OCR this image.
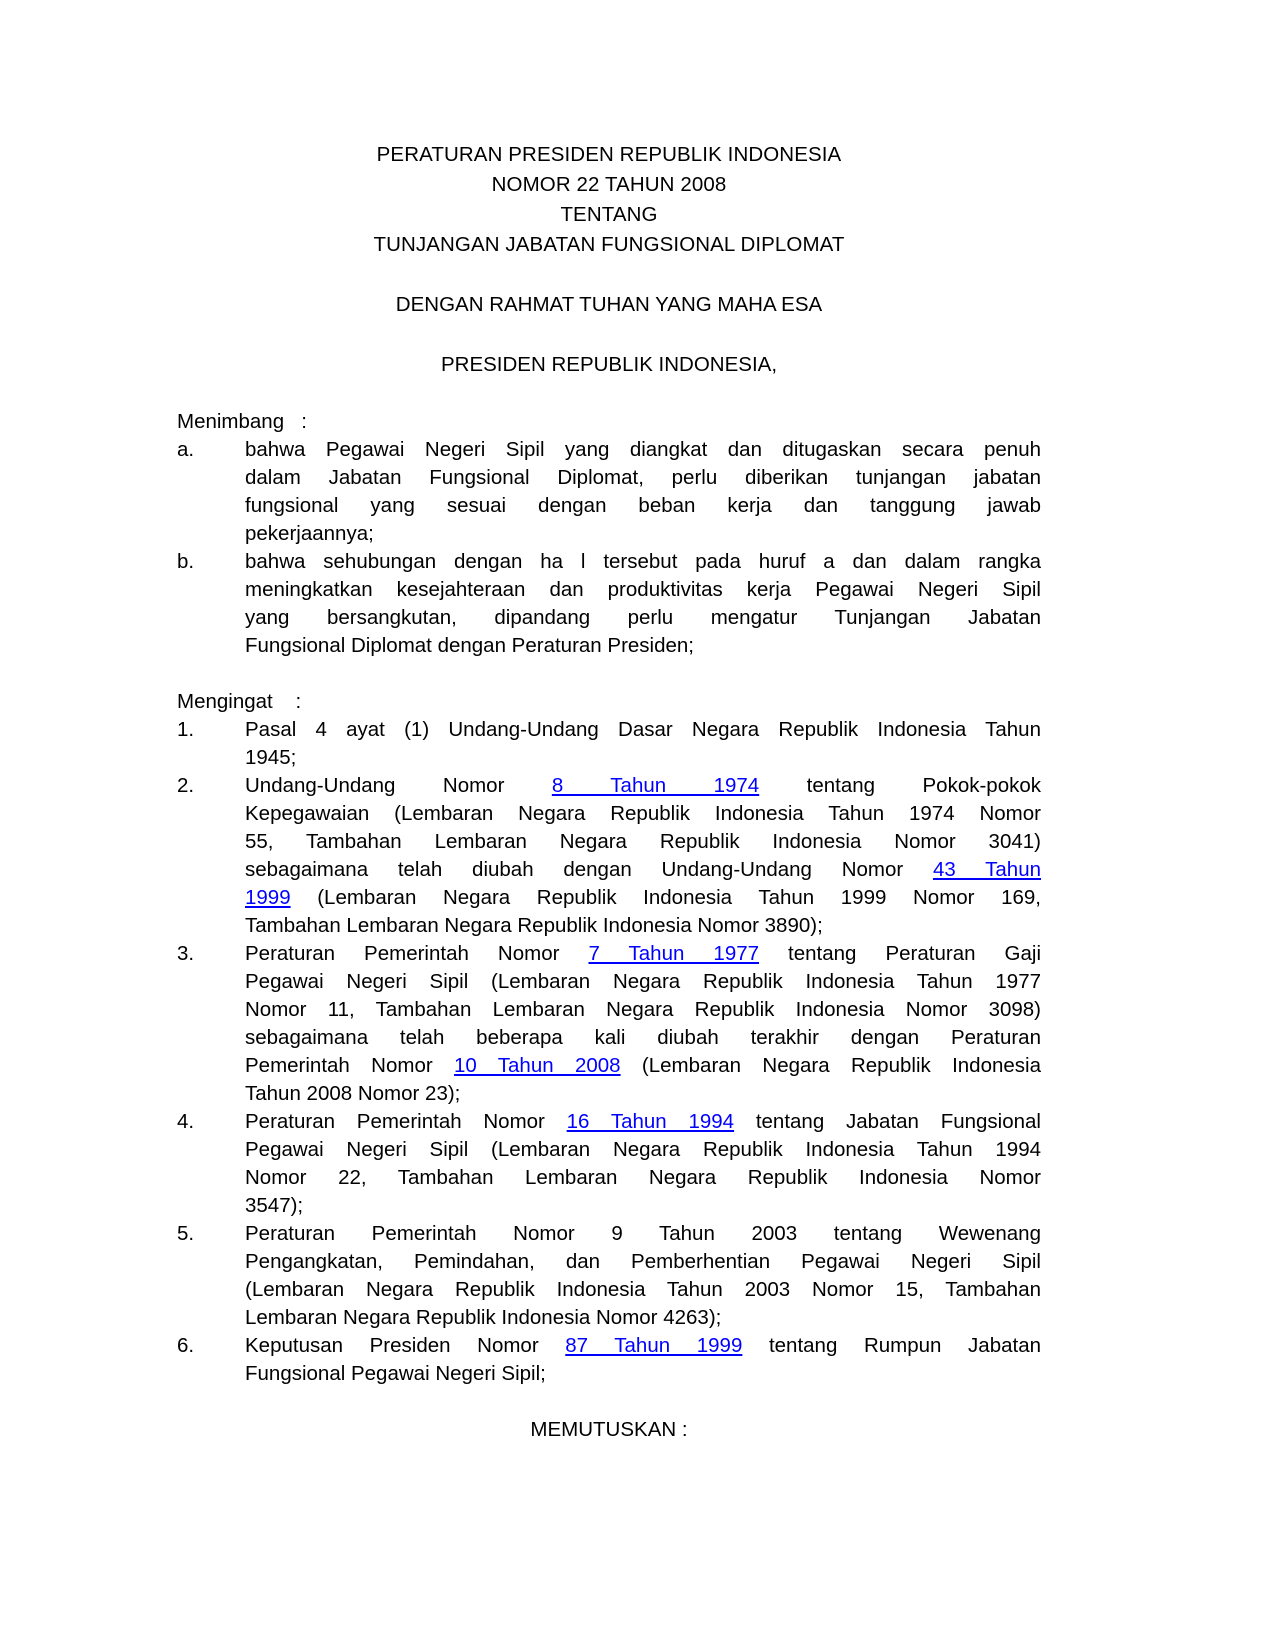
PERATURAN PRESIDEN REPUBLIK INDONESIA
NOMOR 22 TAHUN 2008
TENTANG
TUNJANGAN JABATAN FUNGSIONAL DIPLOMAT
DENGAN RAHMAT TUHAN YANG MAHA ESA
PRESIDEN REPUBLIK INDONESIA,
Menimbang   :
a.	bahwa Pegawai Negeri Sipil yang diangkat dan ditugaskan secara penuh
dalam Jabatan Fungsional Diplomat, perlu diberikan tunjangan jabatan
fungsional yang sesuai dengan beban kerja dan tanggung jawab
pekerjaannya;
b.	bahwa sehubungan dengan ha l tersebut pada huruf a dan dalam rangka
meningkatkan kesejahteraan dan produktivitas kerja Pegawai Negeri Sipil
yang bersangkutan, dipandang perlu mengatur Tunjangan Jabatan
Fungsional Diplomat dengan Peraturan Presiden;
Mengingat    :
1.	Pasal 4 ayat (1) Undang-Undang Dasar Negara Republik Indonesia Tahun
1945;
2.	Undang-Undang Nomor 8 Tahun 1974 tentang Pokok-pokok
Kepegawaian (Lembaran Negara Republik Indonesia Tahun 1974 Nomor
55, Tambahan Lembaran Negara Republik Indonesia Nomor 3041)
sebagaimana telah diubah dengan Undang-Undang Nomor 43 Tahun
1999 (Lembaran Negara Republik Indonesia Tahun 1999 Nomor 169,
Tambahan Lembaran Negara Republik Indonesia Nomor 3890);
3.	Peraturan Pemerintah Nomor 7 Tahun 1977 tentang Peraturan Gaji
Pegawai Negeri Sipil (Lembaran Negara Republik Indonesia Tahun 1977
Nomor 11, Tambahan Lembaran Negara Republik Indonesia Nomor 3098)
sebagaimana telah beberapa kali diubah terakhir dengan Peraturan
Pemerintah Nomor 10 Tahun 2008 (Lembaran Negara Republik Indonesia
Tahun 2008 Nomor 23);
4.	Peraturan Pemerintah Nomor 16 Tahun 1994 tentang Jabatan Fungsional
Pegawai Negeri Sipil (Lembaran Negara Republik Indonesia Tahun 1994
Nomor 22, Tambahan Lembaran Negara Republik Indonesia Nomor
3547);
5.	Peraturan Pemerintah Nomor 9 Tahun 2003 tentang Wewenang
Pengangkatan, Pemindahan, dan Pemberhentian Pegawai Negeri Sipil
(Lembaran Negara Republik Indonesia Tahun 2003 Nomor 15, Tambahan
Lembaran Negara Republik Indonesia Nomor 4263);
6.	Keputusan Presiden Nomor 87 Tahun 1999 tentang Rumpun Jabatan
Fungsional Pegawai Negeri Sipil;
MEMUTUSKAN :
